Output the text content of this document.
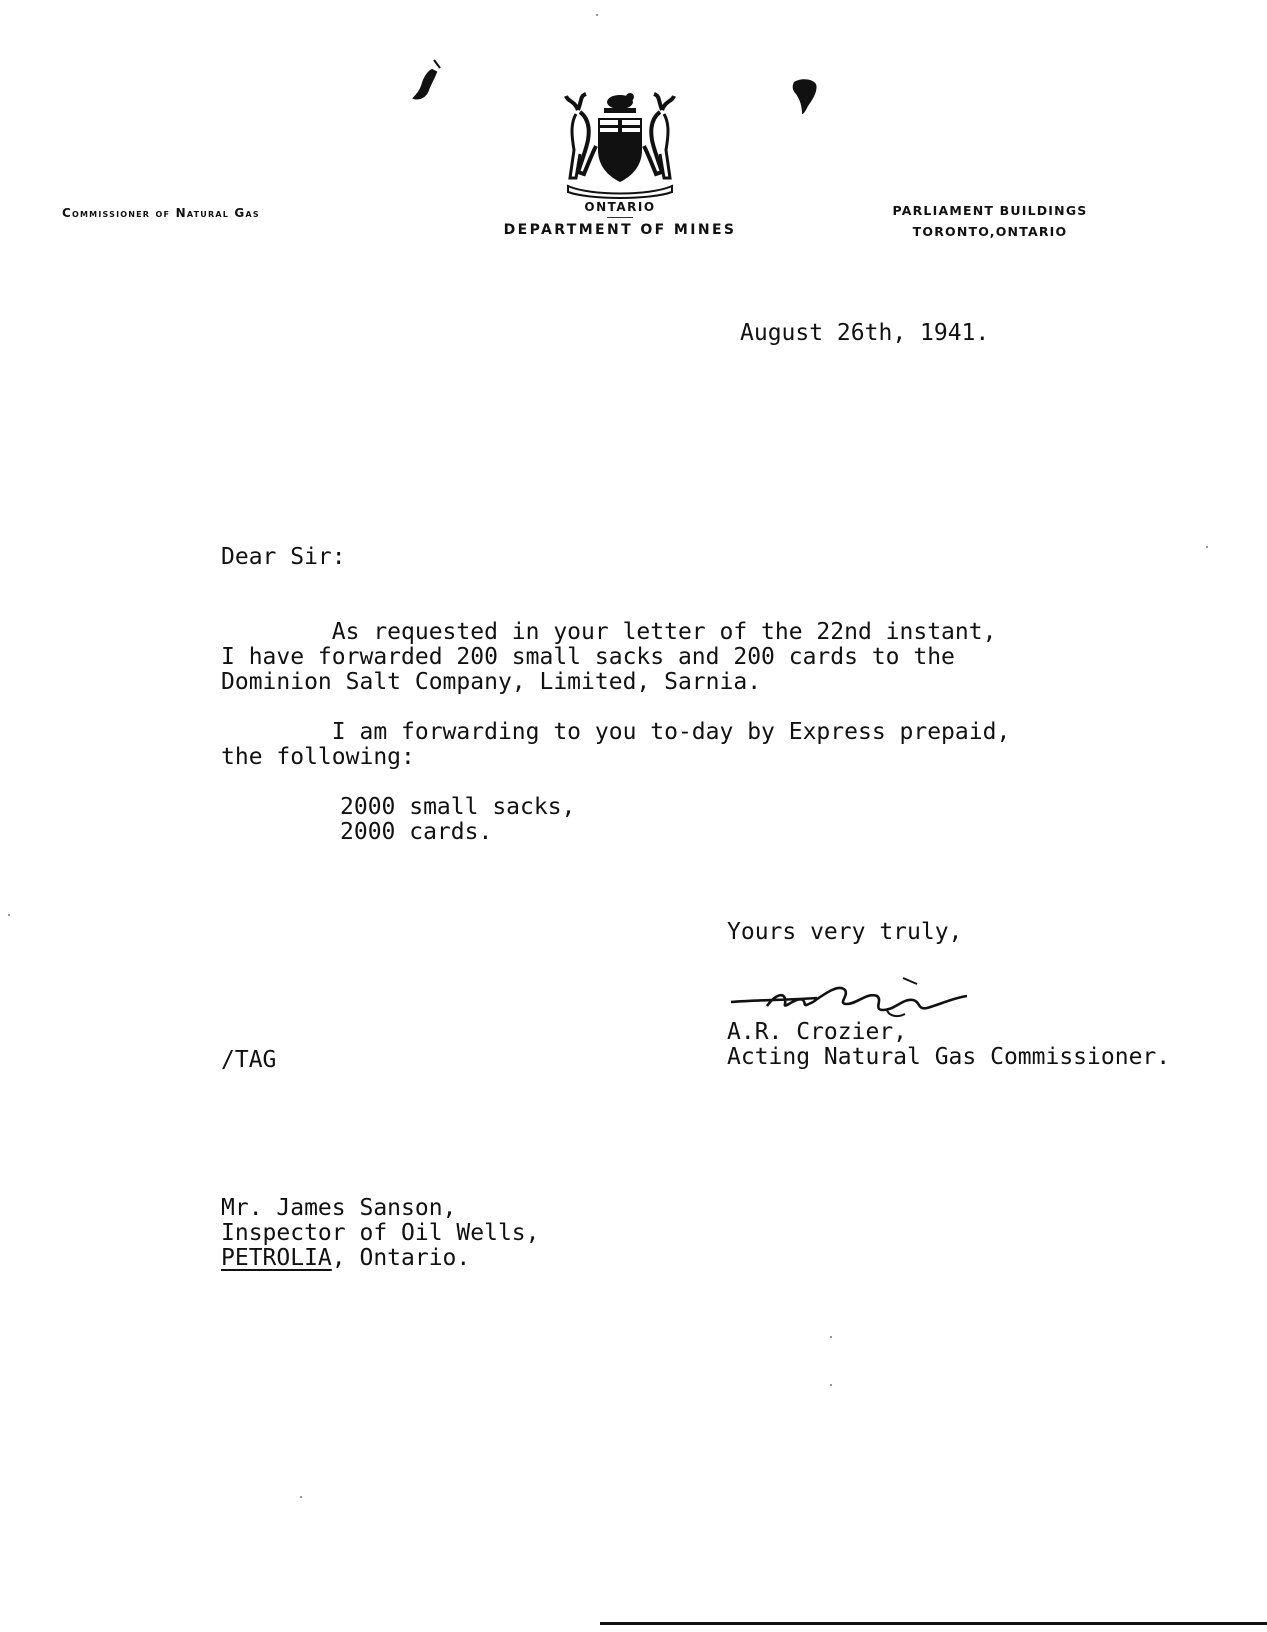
Commissioner of Natural Gas	ONTARIO
DEPARTMENT OF MINES
PARLIAMENT BUILDINGS
TORONTO,ONTARIO
August 26th, 1941.
Dear Sir:
As requested in your letter of the 22nd instant,
I have forwarded 200 small sacks and 200 cards to the
Dominion Salt Company, Limited, Sarnia.
I am forwarding to you to-day by Express prepaid,
the following:
2000 small sacks,
2000 cards.
Yours very truly,
A.R. Crozier,
Acting Natural Gas Commissioner.
/TAG
Mr. James Sanson,
Inspector of Oil Wells,
PETROLIA, Ontario.
